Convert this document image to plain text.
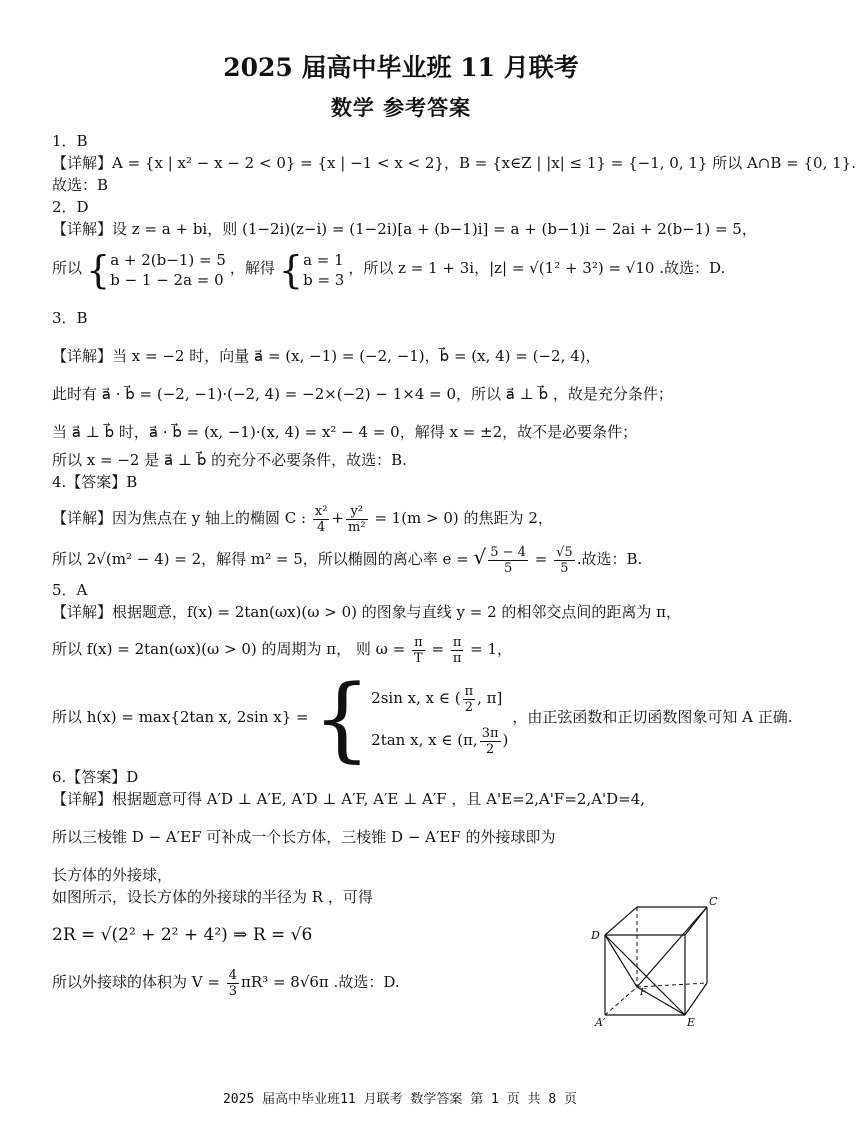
2025 届高中毕业班 11 月联考
数学 参考答案
1．B
【详解】A = {x | x² − x − 2 < 0} = {x | −1 < x < 2}，B = {x∈Z | |x| ≤ 1} = {−1, 0, 1} 所以 A∩B = {0, 1}.
故选：B
2．D
【详解】设 z = a + bi，则 (1−2i)(z−i) = (1−2i)[a + (b−1)i] = a + (b−1)i − 2ai + 2(b−1) = 5，
所以 { a + 2(b−1) = 5
b − 1 − 2a = 0
，解得 { a = 1
b = 3
，所以 z = 1 + 3i，|z| = √(1² + 3²) = √10 .故选：D.
3．B
【详解】当 x = −2 时，向量 a⃗ = (x, −1) = (−2, −1)，b⃗ = (x, 4) = (−2, 4)，
此时有 a⃗ · b⃗ = (−2, −1)·(−2, 4) = −2×(−2) − 1×4 = 0，所以 a⃗ ⊥ b⃗ ，故是充分条件；
当 a⃗ ⊥ b⃗ 时，a⃗ · b⃗ = (x, −1)·(x, 4) = x² − 4 = 0，解得 x = ±2，故不是必要条件；
所以 x = −2 是 a⃗ ⊥ b⃗ 的充分不必要条件，故选：B.
4.【答案】B
【详解】因为焦点在 y 轴上的椭圆 C : $\frac{\text{x²}}{4} + \frac{\text{y²}}{\text{m²}} = 1(m > 0)$ 的焦距为 2，
所以 2√(m² − 4) = 2，解得 m² = 5，所以椭圆的离心率 e = √ $\frac{5 - 4}{5} = \frac{√5}{5}$ .故选：B.
5．A
【详解】根据题意，f(x) = 2tan(ωx)(ω > 0) 的图象与直线 y = 2 的相邻交点间的距离为 π，
所以 f(x) = 2tan(ωx)(ω > 0) 的周期为 π， 则 $\omega = \frac{\pi}{T} = \frac{\pi}{\pi} = 1$，
所以 h(x) = max{2tan x, 2sin x} ={ 2sin x, x ∈ ( $\frac{\pi}{2}$ , π]
2tan x, x ∈ (π, $\frac{3\pi}{2}$ )
，由正弦函数和正切函数图象可知 A 正确.
6.【答案】D
【详解】根据题意可得 A′D ⊥ A′E, A′D ⊥ A′F, A′E ⊥ A′F ，且 A'E=2,A'F=2,A'D=4,
所以三棱锥 D − A′EF 可补成一个长方体，三棱锥 D − A′EF 的外接球即为
长方体的外接球，
如图所示，设长方体的外接球的半径为 R ，可得
2R = √(2² + 2² + 4²) ⇒ R = √6
所以外接球的体积为 $V = \frac{4}{3} \pi R^3 = 8√6\pi$ .故选：D.
C
D
F
A′	E
2025 届高中毕业班11 月联考 数学答案 第 1 页 共 8 页
